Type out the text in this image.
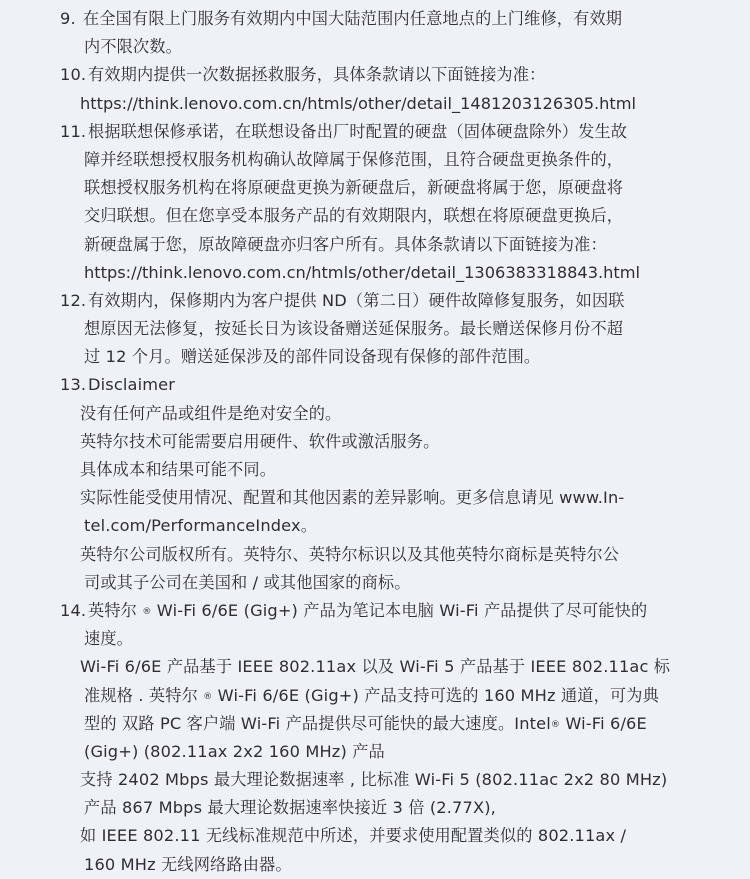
9. 在全国有限上门服务有效期内中国大陆范围内任意地点的上门维修，有效期
内不限次数。
10. 有效期内提供一次数据拯救服务，具体条款请以下面链接为准：
https://think.lenovo.com.cn/htmls/other/detail_1481203126305.html
11. 根据联想保修承诺，在联想设备出厂时配置的硬盘（固体硬盘除外）发生故
障并经联想授权服务机构确认故障属于保修范围，且符合硬盘更换条件的，
联想授权服务机构在将原硬盘更换为新硬盘后，新硬盘将属于您，原硬盘将
交归联想。但在您享受本服务产品的有效期限内，联想在将原硬盘更换后，
新硬盘属于您，原故障硬盘亦归客户所有。具体条款请以下面链接为准：
https://think.lenovo.com.cn/htmls/other/detail_1306383318843.html
12. 有效期内，保修期内为客户提供 ND（第二日）硬件故障修复服务，如因联
想原因无法修复，按延长日为该设备赠送延保服务。最长赠送保修月份不超
过 12 个月。赠送延保涉及的部件同设备现有保修的部件范围。
13. Disclaimer
没有任何产品或组件是绝对安全的。
英特尔技术可能需要启用硬件、软件或激活服务。
具体成本和结果可能不同。
实际性能受使用情况、配置和其他因素的差异影响。更多信息请见 www.In-
tel.com/PerformanceIndex。
英特尔公司版权所有。英特尔、英特尔标识以及其他英特尔商标是英特尔公
司或其子公司在美国和 / 或其他国家的商标。
14. 英特尔 ® Wi-Fi 6/6E (Gig+) 产品为笔记本电脑 Wi-Fi 产品提供了尽可能快的
速度。
Wi-Fi 6/6E 产品基于 IEEE 802.11ax 以及 Wi-Fi 5 产品基于 IEEE 802.11ac 标
准规格 . 英特尔 ® Wi-Fi 6/6E (Gig+) 产品支持可选的 160 MHz 通道，可为典
型的 双路 PC 客户端 Wi-Fi 产品提供尽可能快的最大速度。Intel® Wi-Fi 6/6E
(Gig+) (802.11ax 2x2 160 MHz) 产品
支持 2402 Mbps 最大理论数据速率 , 比标准 Wi-Fi 5 (802.11ac 2x2 80 MHz)
产品 867 Mbps 最大理论数据速率快接近 3 倍 (2.77X),
如 IEEE 802.11 无线标准规范中所述，并要求使用配置类似的 802.11ax /
160 MHz 无线网络路由器。
